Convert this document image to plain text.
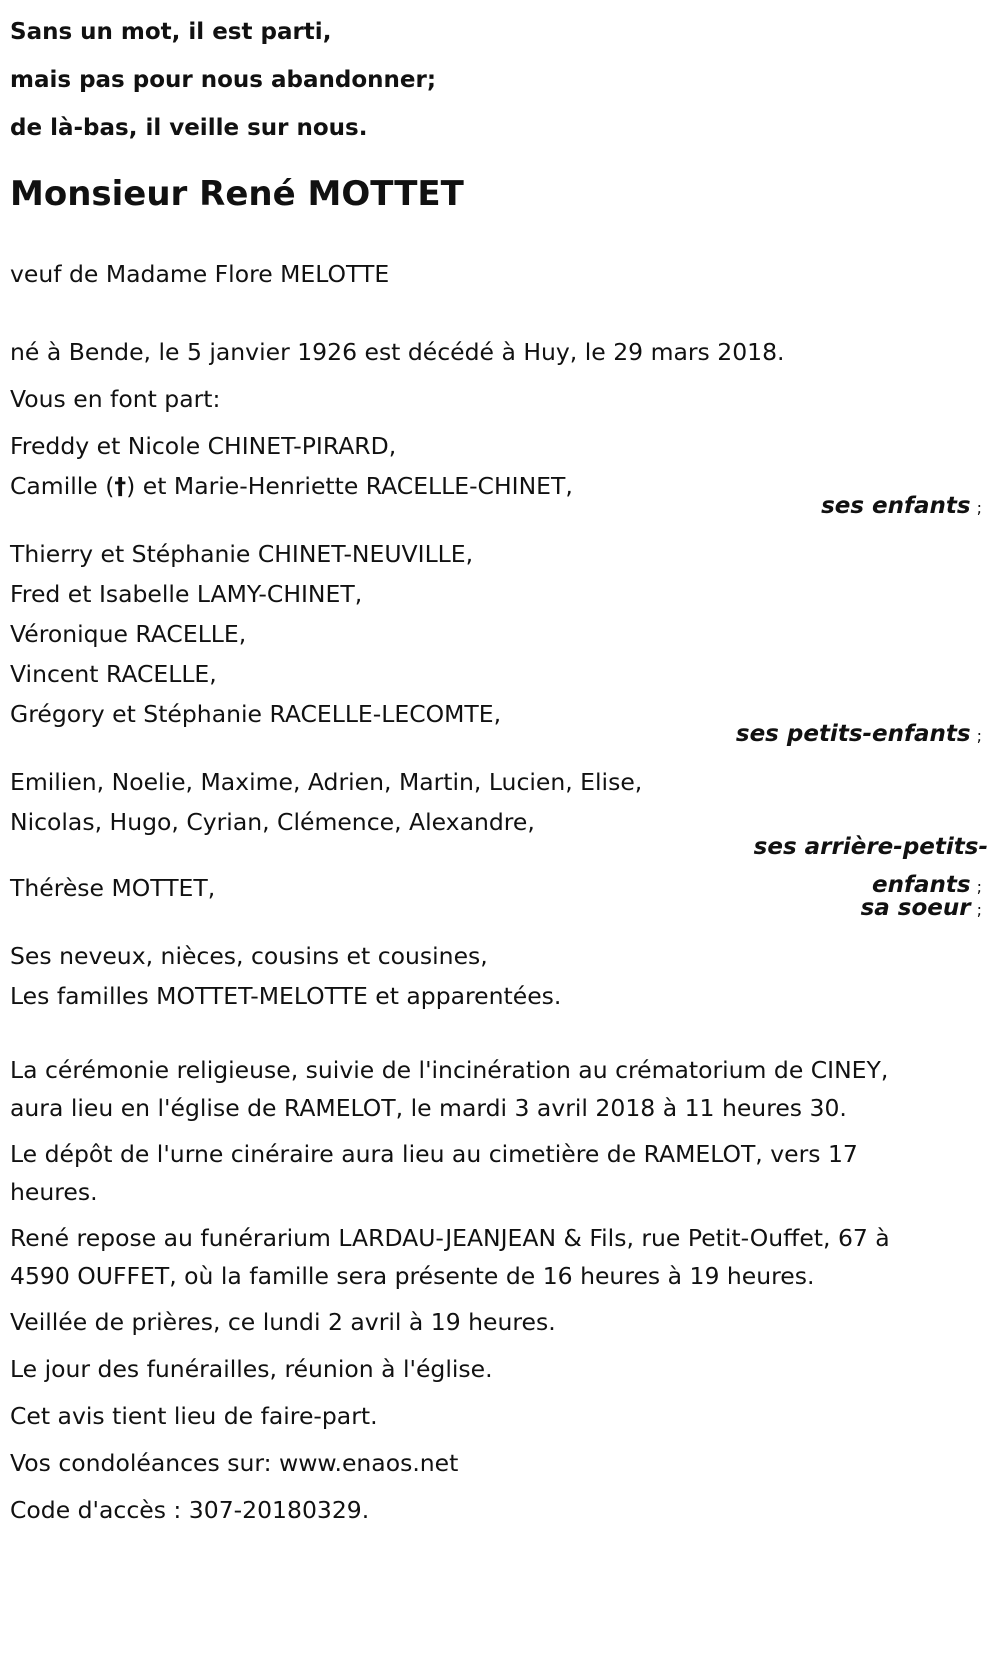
Sans un mot, il est parti,
mais pas pour nous abandonner;
de là-bas, il veille sur nous.
Monsieur René MOTTET
veuf de Madame Flore MELOTTE
né à Bende, le 5 janvier 1926 est décédé à Huy, le 29 mars 2018.
Vous en font part:
Freddy et Nicole CHINET-PIRARD,
Camille (†) et Marie-Henriette RACELLE-CHINET,
ses enfants ;
Thierry et Stéphanie CHINET-NEUVILLE,
Fred et Isabelle LAMY-CHINET,
Véronique RACELLE,
Vincent RACELLE,
Grégory et Stéphanie RACELLE-LECOMTE,
ses petits-enfants ;
Emilien, Noelie, Maxime, Adrien, Martin, Lucien, Elise,
Nicolas, Hugo, Cyrian, Clémence, Alexandre,
ses arrière-petits-
enfants ;
Thérèse MOTTET,
sa soeur ;
Ses neveux, nièces, cousins et cousines,
Les familles MOTTET-MELOTTE et apparentées.
La cérémonie religieuse, suivie de l'incinération au crématorium de CINEY, aura lieu en l'église de RAMELOT, le mardi 3 avril 2018 à 11 heures 30.
Le dépôt de l'urne cinéraire aura lieu au cimetière de RAMELOT, vers 17 heures.
René repose au funérarium LARDAU-JEANJEAN & Fils, rue Petit-Ouffet, 67 à 4590 OUFFET, où la famille sera présente de 16 heures à 19 heures.
Veillée de prières, ce lundi 2 avril à 19 heures.
Le jour des funérailles, réunion à l'église.
Cet avis tient lieu de faire-part.
Vos condoléances sur: www.enaos.net
Code d'accès : 307-20180329.
